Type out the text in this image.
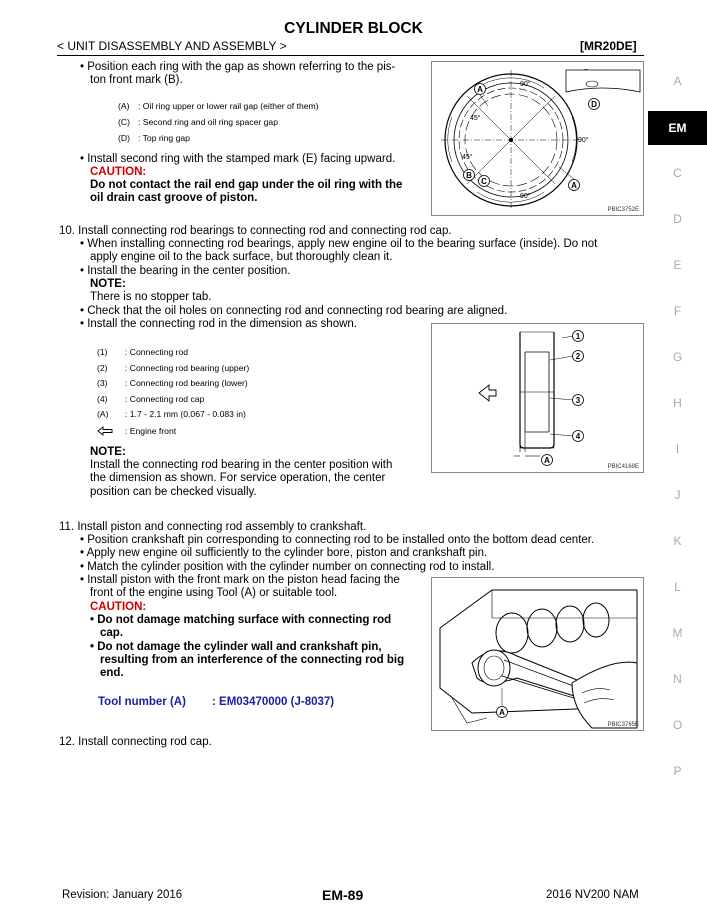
CYLINDER BLOCK
< UNIT DISASSEMBLY AND ASSEMBLY >	[MR20DE]
A
EM
C
D
E
F
G
H
I
J
K
L
M
N
O
P
• Position each ring with the gap as shown referring to the pis-
ton front mark (B).
(A) : Oil ring upper or lower rail gap (either of them)
(C) : Second ring and oil ring spacer gap
(D) : Top ring gap
• Install second ring with the stamped mark (E) facing upward.
CAUTION:
Do not contact the rail end gap under the oil ring with the
oil drain cast groove of piston.
90°
45°
90°
45°
90°
A
D
B
C	A
PBIC3752E
10. Install connecting rod bearings to connecting rod and connecting rod cap.
• When installing connecting rod bearings, apply new engine oil to the bearing surface (inside). Do not
apply engine oil to the back surface, but thoroughly clean it.
• Install the bearing in the center position.
NOTE:
There is no stopper tab.
• Check that the oil holes on connecting rod and connecting rod bearing are aligned.
• Install the connecting rod in the dimension as shown.
(1) : Connecting rod
(2) : Connecting rod bearing (upper)
(3) : Connecting rod bearing (lower)
(4) : Connecting rod cap
(A) : 1.7 - 2.1 mm (0.067 - 0.083 in)
: Engine front
NOTE:
Install the connecting rod bearing in the center position with
the dimension as shown. For service operation, the center
position can be checked visually.
1
2
3
4
A
PBIC4169E
11. Install piston and connecting rod assembly to crankshaft.
• Position crankshaft pin corresponding to connecting rod to be installed onto the bottom dead center.
• Apply new engine oil sufficiently to the cylinder bore, piston and crankshaft pin.
• Match the cylinder position with the cylinder number on connecting rod to install.
• Install piston with the front mark on the piston head facing the
front of the engine using Tool (A) or suitable tool.
CAUTION:
• Do not damage matching surface with connecting rod
cap.
• Do not damage the cylinder wall and crankshaft pin,
resulting from an interference of the connecting rod big
end.
Tool number (A) : EM03470000 (J-8037)
A
PBIC3765E
12. Install connecting rod cap.
Revision: January 2016	EM-89	2016 NV200 NAM
